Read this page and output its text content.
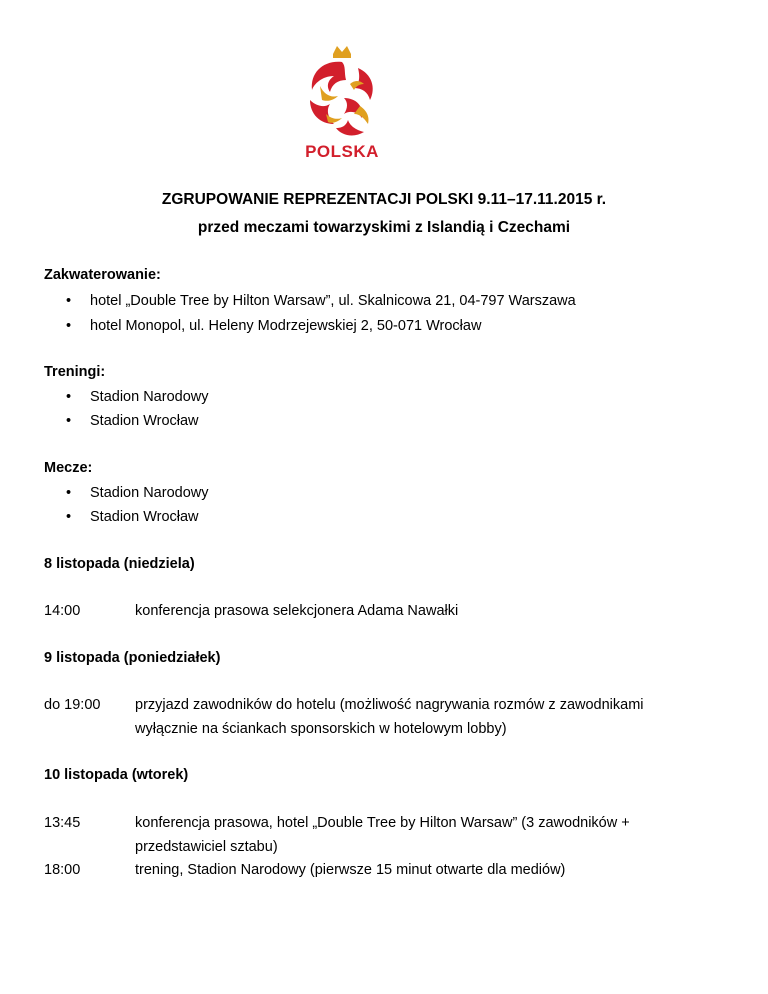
POLSKA
ZGRUPOWANIE REPREZENTACJI POLSKI 9.11–17.11.2015 r.
przed meczami towarzyskimi z Islandią i Czechami
Zakwaterowanie:
• hotel „Double Tree by Hilton Warsaw”, ul. Skalnicowa 21, 04-797 Warszawa
• hotel Monopol, ul. Heleny Modrzejewskiej 2, 50-071 Wrocław
Treningi:
• Stadion Narodowy
• Stadion Wrocław
Mecze:
• Stadion Narodowy
• Stadion Wrocław
8 listopada (niedziela)
14:00	konferencja prasowa selekcjonera Adama Nawałki
9 listopada (poniedziałek)
do 19:00 przyjazd zawodników do hotelu (możliwość nagrywania rozmów z zawodnikami
wyłącznie na ściankach sponsorskich w hotelowym lobby)
10 listopada (wtorek)
13:45	konferencja prasowa, hotel „Double Tree by Hilton Warsaw” (3 zawodników +
przedstawiciel sztabu)
18:00	trening, Stadion Narodowy (pierwsze 15 minut otwarte dla mediów)
